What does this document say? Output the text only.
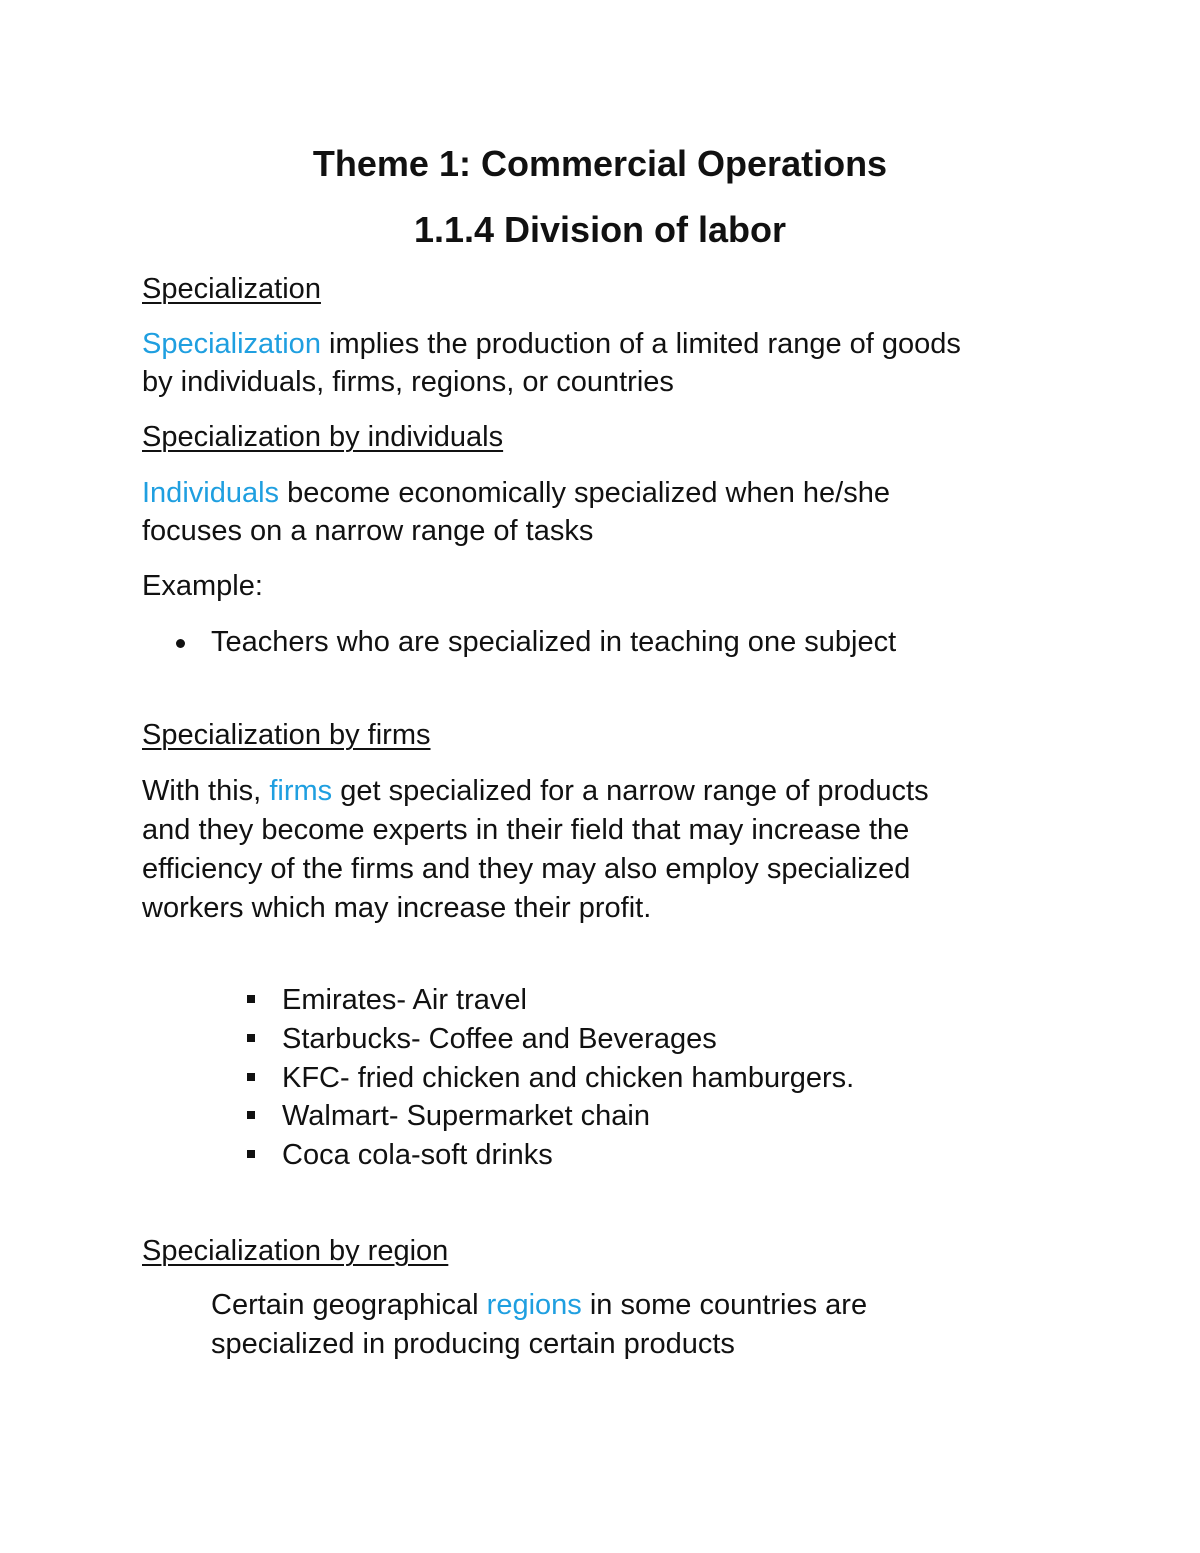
Theme 1: Commercial Operations
1.1.4 Division of labor
Specialization
Specialization implies the production of a limited range of goods
by individuals, firms, regions, or countries
Specialization by individuals
Individuals become economically specialized when he/she
focuses on a narrow range of tasks
Example:
Teachers who are specialized in teaching one subject
Specialization by firms
With this, firms get specialized for a narrow range of products
and they become experts in their field that may increase the
efficiency of the firms and they may also employ specialized
workers which may increase their profit.
Emirates- Air travel
Starbucks- Coffee and Beverages
KFC- fried chicken and chicken hamburgers.
Walmart- Supermarket chain
Coca cola-soft drinks
Specialization by region
Certain geographical regions in some countries are
specialized in producing certain products
